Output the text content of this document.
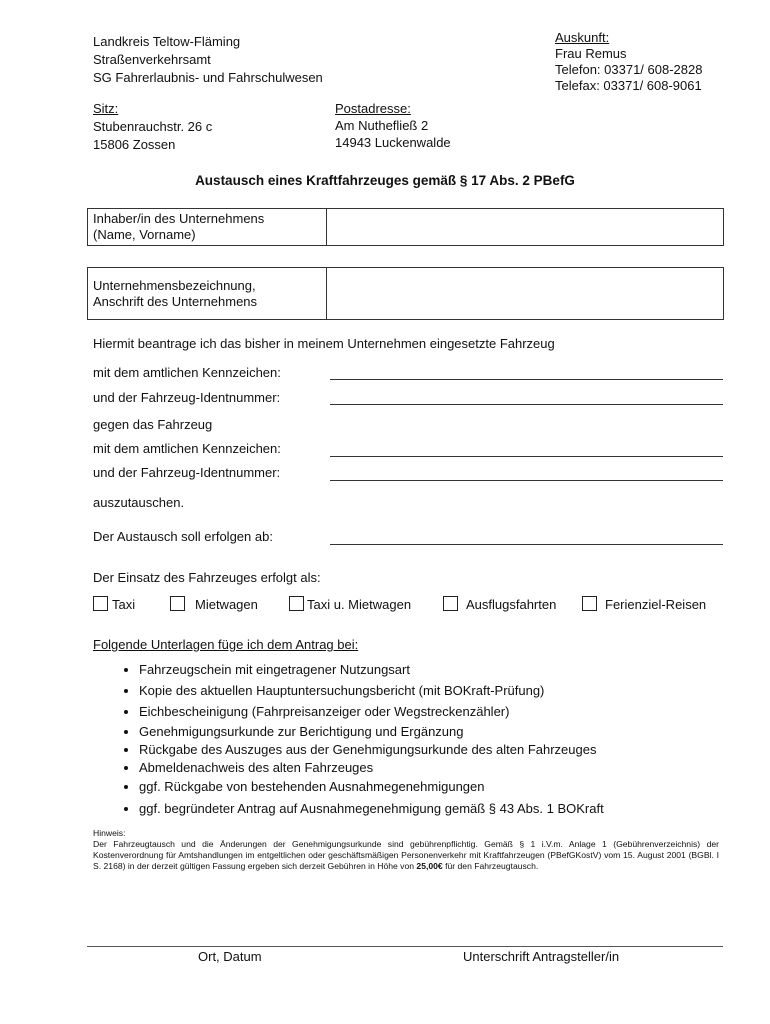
Landkreis Teltow-Fläming

Straßenverkehrsamt

SG Fahrerlaubnis- und Fahrschulwesen

Auskunft:
Frau Remus
Telefon: 03371/ 608-2828
Telefax: 03371/ 608-9061

Sitz:

Stubenrauchstr. 26 c

15806 Zossen

Postadresse:
Am Nuthefließ 2
14943 Luckenwalde
Austausch eines Kraftfahrzeuges gemäß § 17 Abs. 2 PBefG
Inhaber/in des Unternehmens
(Name, Vorname)

Unternehmensbezeichnung,
Anschrift des Unternehmens

Hiermit beantrage ich das bisher in meinem Unternehmen eingesetzte Fahrzeug
mit dem amtlichen Kennzeichen:
und der Fahrzeug-Identnummer:
gegen das Fahrzeug
mit dem amtlichen Kennzeichen:
und der Fahrzeug-Identnummer:
auszutauschen.
Der Austausch soll erfolgen ab:
Der Einsatz des Fahrzeuges erfolgt als:
Taxi	Mietwagen	Taxi u. Mietwagen	Ausflugsfahrten	Ferienziel-Reisen
Folgende Unterlagen füge ich dem Antrag bei:
• Fahrzeugschein mit eingetragener Nutzungsart
• Kopie des aktuellen Hauptuntersuchungsbericht (mit BOKraft-Prüfung)
• Eichbescheinigung (Fahrpreisanzeiger oder Wegstreckenzähler)
• Genehmigungsurkunde zur Berichtigung und Ergänzung
• Rückgabe des Auszuges aus der Genehmigungsurkunde des alten Fahrzeuges
• Abmeldenachweis des alten Fahrzeuges
• ggf. Rückgabe von bestehenden Ausnahmegenehmigungen
• ggf. begründeter Antrag auf Ausnahmegenehmigung gemäß § 43 Abs. 1 BOKraft
Hinweis:
Der Fahrzeugtausch und die Änderungen der Genehmigungsurkunde sind gebührenpflichtig. Gemäß § 1 i.V.m. Anlage 1 (Gebührenverzeichnis) der Kostenverordnung für Amtshandlungen im entgeltlichen oder geschäftsmäßigen Personenverkehr mit Kraftfahrzeugen (PBefGKostV) vom 15. August 2001 (BGBl. I S. 2168) in der derzeit gültigen Fassung ergeben sich derzeit Gebühren in Höhe von 25,00€ für den Fahrzeugtausch.
Ort, Datum	Unterschrift Antragsteller/in
